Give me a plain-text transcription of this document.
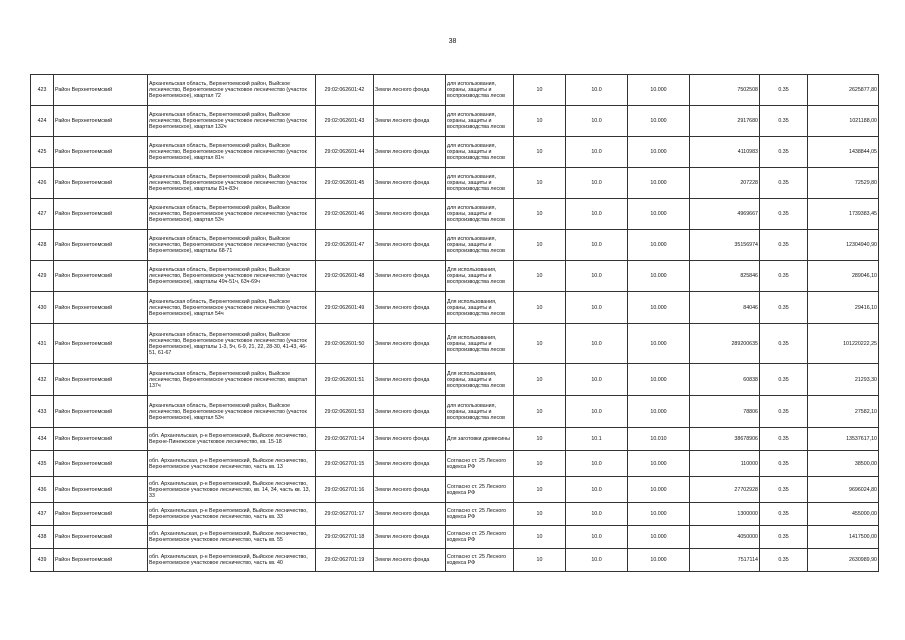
38
423	Район Верхнетоемский	Архангельская область, Верхнетоемский район, Выйское лесничество, Верхнетоемское участковое лесничество (участок Верхнетоемское), квартал 72	29:02:062601:42	Земли лесного фонда	для использования, охраны, защиты и воспроизводства лесов	10	10.0	10.000	7502508	0.35	2625877,80
424	Район Верхнетоемский	Архангельская область, Верхнетоемский район, Выйское лесничество, Верхнетоемское участковое лесничество (участок Верхнетоемское), квартал 132ч	29:02:062601:43	Земли лесного фонда	для использования, охраны, защиты и воспроизводства лесов	10	10.0	10.000	2917680	0.35	1021188,00
425	Район Верхнетоемский	Архангельская область, Верхнетоемский район, Выйское лесничество, Верхнетоемское участковое лесничество (участок Верхнетоемское), квартал 81ч	29:02:062601:44	Земли лесного фонда	для использования, охраны, защиты и воспроизводства лесов	10	10.0	10.000	4110983	0.35	1438844,05
426	Район Верхнетоемский	Архангельская область, Верхнетоемский район, Выйское лесничество, Верхнетоемское участковое лесничество (участок Верхнетоемское), кварталы 81ч-83ч	29:02:062601:45	Земли лесного фонда	для использования, охраны, защиты и воспроизводства лесов	10	10.0	10.000	207228	0.35	72529,80
427	Район Верхнетоемский	Архангельская область, Верхнетоемский район, Выйское лесничество, Верхнетоемское участковое лесничество (участок Верхнетоемское), квартал 53ч	29:02:062601:46	Земли лесного фонда	для использования, охраны, защиты и воспроизводства лесов	10	10.0	10.000	4969667	0.35	1739383,45
428	Район Верхнетоемский	Архангельская область, Верхнетоемский район, Выйское лесничество, Верхнетоемское участковое лесничество (участок Верхнетоемское), кварталы 68-71	29:02:062601:47	Земли лесного фонда	для использования, охраны, защиты и воспроизводства лесов	10	10.0	10.000	35156974	0.35	12304940,90
429	Район Верхнетоемский	Архангельская область, Верхнетоемский район, Выйское лесничество, Верхнетоемское участковое лесничество (участок Верхнетоемское), кварталы 49ч-51ч, 63ч-69ч	29:02:062601:48	Земли лесного фонда	Для использования, охраны, защиты и воспроизводства лесов	10	10.0	10.000	825846	0.35	289046,10
430	Район Верхнетоемский	Архангельская область, Верхнетоемский район, Выйское лесничество, Верхнетоемское участковое лесничество (участок Верхнетоемское), квартал 54ч	29:02:062601:49	Земли лесного фонда	Для использования, охраны, защиты и воспроизводства лесов	10	10.0	10.000	84046	0.35	29416,10
431	Район Верхнетоемский	Архангельская область, Верхнетоемский район, Выйское лесничество, Верхнетоемское участковое лесничество (участок Верхнетоемское), кварталы 1-3, 5ч, 6-9, 21, 22, 28-30, 41-43, 46-51, 61-67	29:02:062601:50	Земли лесного фонда	Для использования, охраны, защиты и воспроизводства лесов	10	10.0	10.000	289200635	0.35	101220222,25
432	Район Верхнетоемский	Архангельская область, Верхнетоемский район, Выйское лесничество, Верхнетоемское участковое лесничество, квартал 137ч	29:02:062601:51	Земли лесного фонда	Для использования, охраны, защиты и воспроизводства лесов	10	10.0	10.000	60838	0.35	21293,30
433	Район Верхнетоемский	Архангельская область, Верхнетоемский район, Выйское лесничество, Верхнетоемское участковое лесничество (участок Верхнетоемское), квартал 53ч	29:02:062601:53	Земли лесного фонда	для использования, охраны, защиты и воспроизводства лесов	10	10.0	10.000	78806	0.35	27582,10
434	Район Верхнетоемский	обл. Архангельская, р-н Верхнетоемский, Выйское лесничество, Верхне-Пинежское участковое лесничество, кв. 15-18	29:02:062701:14	Земли лесного фонда	Для заготовки древесины	10	10.1	10.010	38678906	0.35	13537617,10
435	Район Верхнетоемский	обл. Архангельская, р-н Верхнетоемский, Выйское лесничество, Верхнетоемское участковое лесничество, часть кв. 13	29:02:062701:15	Земли лесного фонда	Согласно ст. 25 Лесного кодекса РФ	10	10.0	10.000	110000	0.35	38500,00
436	Район Верхнетоемский	обл. Архангельская, р-н Верхнетоемский, Выйское лесничество, Верхнетоемское участковое лесничество, кв. 14, 34, часть кв. 13, 33	29:02:062701:16	Земли лесного фонда	Согласно ст. 25 Лесного кодекса РФ	10	10.0	10.000	27702928	0.35	9696024,80
437	Район Верхнетоемский	обл. Архангельская, р-н Верхнетоемский, Выйское лесничество, Верхнетоемское участковое лесничество, часть кв. 33	29:02:062701:17	Земли лесного фонда	Согласно ст. 25 Лесного кодекса РФ	10	10.0	10.000	1300000	0.35	455000,00
438	Район Верхнетоемский	обл. Архангельская, р-н Верхнетоемский, Выйское лесничество, Верхнетоемское участковое лесничество, часть кв. 55	29:02:062701:18	Земли лесного фонда	Согласно ст. 25 Лесного кодекса РФ	10	10.0	10.000	4050000	0.35	1417500,00
439	Район Верхнетоемский	обл. Архангельская, р-н Верхнетоемский, Выйское лесничество, Верхнетоемское участковое лесничество, часть кв. 40	29:02:062701:19	Земли лесного фонда	Согласно ст. 25 Лесного кодекса РФ	10	10.0	10.000	7517114	0.35	2630989,90
